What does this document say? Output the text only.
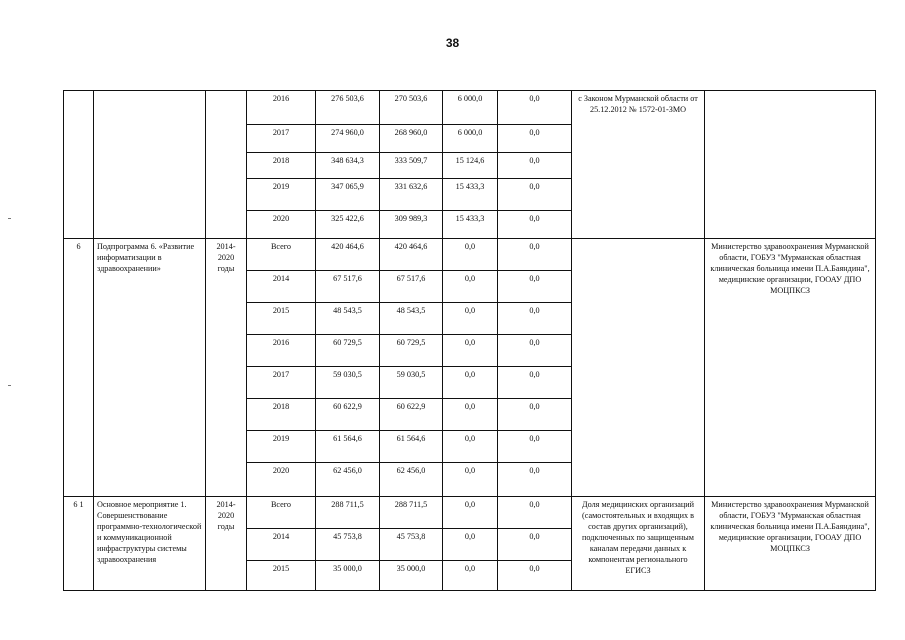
38
			2016	276 503,6	270 503,6	6 000,0	0,0	с Законом Мурманской области от 25.12.2012 № 1572-01-ЗМО	
			2017	274 960,0	268 960,0	6 000,0	0,0		
			2018	348 634,3	333 509,7	15 124,6	0,0		
			2019	347 065,9	331 632,6	15 433,3	0,0		
			2020	325 422,6	309 989,3	15 433,3	0,0		
6	Подпрограмма 6. «Развитие информатизации в здравоохранении»	2014-2020 годы	Всего	420 464,6	420 464,6	0,0	0,0		Министерство здравоохранения Мурманской области, ГОБУЗ "Мурманская областная клиническая больница имени П.А.Баяндина", медицинские организации, ГООАУ ДПО МОЦПКСЗ
			2014	67 517,6	67 517,6	0,0	0,0		
			2015	48 543,5	48 543,5	0,0	0,0		
			2016	60 729,5	60 729,5	0,0	0,0		
			2017	59 030,5	59 030,5	0,0	0,0		
			2018	60 622,9	60 622,9	0,0	0,0		
			2019	61 564,6	61 564,6	0,0	0,0		
			2020	62 456,0	62 456,0	0,0	0,0		
6 1	Основное мероприятие 1. Совершенствование программно-технологической и коммуникационной инфраструктуры системы здравоохранения	2014-2020 годы	Всего	288 711,5	288 711,5	0,0	0,0	Доля медицинских организаций (самостоятельных и входящих в состав других организаций), подключенных по защищенным каналам передачи данных к компонентам регионального ЕГИСЗ	Министерство здравоохранения Мурманской области, ГОБУЗ "Мурманская областная клиническая больница имени П.А.Баяндина", медицинские организации, ГООАУ ДПО МОЦПКСЗ
			2014	45 753,8	45 753,8	0,0	0,0		
			2015	35 000,0	35 000,0	0,0	0,0		
